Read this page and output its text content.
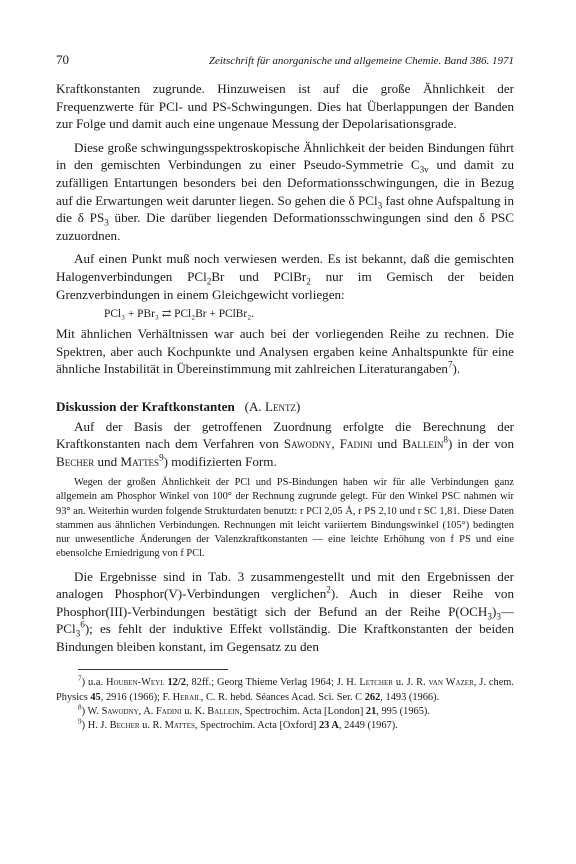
70	Zeitschrift für anorganische und allgemeine Chemie. Band 386. 1971

Kraftkonstanten zugrunde. Hinzuweisen ist auf die große Ähnlichkeit der Frequenzwerte für PCl- und PS-Schwingungen. Dies hat Überlappungen der Banden zur Folge und damit auch eine ungenaue Messung der Depolarisationsgrade.

Diese große schwingungsspektroskopische Ähnlichkeit der beiden Bindungen führt in den gemischten Verbindungen zu einer Pseudo-Symmetrie $C_{3v}$ und damit zu zufälligen Entartungen besonders bei den Deformationsschwingungen, die in Bezug auf die Erwartungen weit darunter liegen. So gehen die δ PCl$_3$ fast ohne Aufspaltung in die δ $PS_3$ über. Die darüber liegenden Deformationsschwingungen sind den δ PSC zuzuordnen.

Auf einen Punkt muß noch verwiesen werden. Es ist bekannt, daß die gemischten Halogenverbindungen PCl$_2$Br und PClBr$_2$ nur im Gemisch der beiden Grenzverbindungen in einem Gleichgewicht vorliegen:

PCl₃ + PBr₃ ⇄ PCl₂Br + PClBr₂.

Mit ähnlichen Verhältnissen war auch bei der vorliegenden Reihe zu rechnen. Die Spektren, aber auch Kochpunkte und Analysen ergaben keine Anhaltspunkte für eine ähnliche Instabilität in Übereinstimmung mit zahlreichen Literaturangaben$^7$).

Diskussion der Kraftkonstanten (A. Lentz)

Auf der Basis der getroffenen Zuordnung erfolgte die Berechnung der Kraftkonstanten nach dem Verfahren von Sawodny, Fadini und Ballein$^8$) in der von Becher und Mattes$^9$) modifizierten Form.

Wegen der großen Ähnlichkeit der PCl und PS-Bindungen haben wir für alle Verbindungen ganz allgemein am Phosphor Winkel von 100° der Rechnung zugrunde gelegt. Für den Winkel PSC nahmen wir 93° an. Weiterhin wurden folgende Strukturdaten benutzt: r PCl 2,05 Å, r PS 2,10 und r SC 1,81. Diese Daten stammen aus ähnlichen Verbindungen. Rechnungen mit leicht variiertem Bindungswinkel (105°) bedingten nur unwesentliche Änderungen der Valenzkraftkonstanten — eine leichte Erhöhung von f PS und eine ebensolche Erniedrigung von f PCl.

Die Ergebnisse sind in Tab. 3 zusammengestellt und mit den Ergebnissen der analogen Phosphor(V)-Verbindungen verglichen$^2$). Auch in dieser Reihe von Phosphor(III)-Verbindungen bestätigt sich der Befund an der Reihe $P(OCH_3)_3—PCl_3^6$); es fehlt der induktive Effekt vollständig. Die Kraftkonstanten der beiden Bindungen bleiben konstant, im Gegensatz zu den

$^7$) u.a. Houben-Weyl 12/2, 82ff.; Georg Thieme Verlag 1964; J. H. Letcher u. J. R. van Wazer, J. chem. Physics 45, 2916 (1966); F. Herail, C. R. hebd. Séances Acad. Sci. Ser. C 262, 1493 (1966).

$^8$) W. Sawodny, A. Fadini u. K. Ballein, Spectrochim. Acta [London] 21, 995 (1965).

$^9$) H. J. Becher u. R. Mattes, Spectrochim. Acta [Oxford] 23 A, 2449 (1967).
